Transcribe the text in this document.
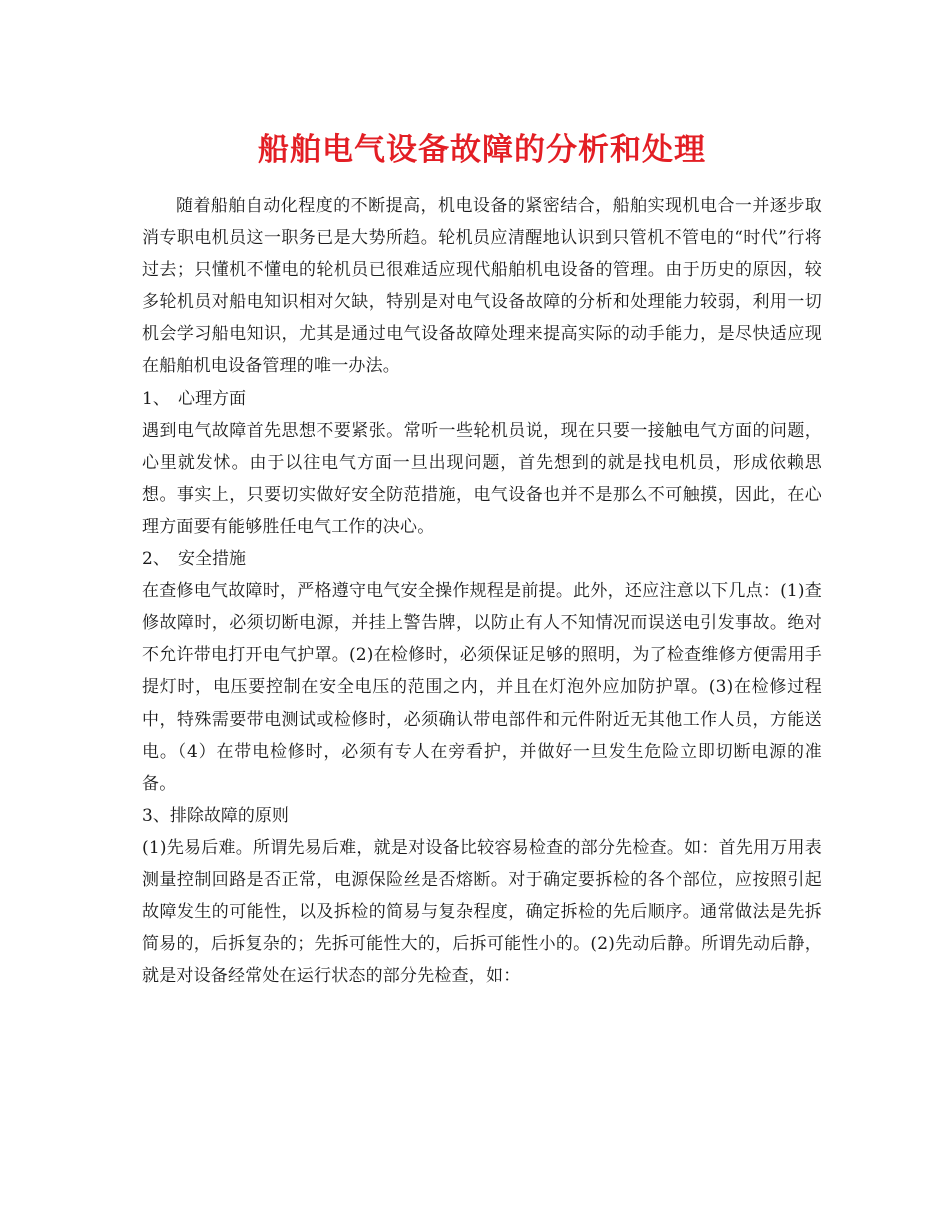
船舶电气设备故障的分析和处理

随着船舶自动化程度的不断提高，机电设备的紧密结合，船舶实现机电合一并逐步取消专职电机员这一职务已是大势所趋。轮机员应清醒地认识到只管机不管电的“时代”行将过去；只懂机不懂电的轮机员已很难适应现代船舶机电设备的管理。由于历史的原因，较多轮机员对船电知识相对欠缺，特别是对电气设备故障的分析和处理能力较弱，利用一切机会学习船电知识，尤其是通过电气设备故障处理来提高实际的动手能力，是尽快适应现在船舶机电设备管理的唯一办法。

1、 心理方面

遇到电气故障首先思想不要紧张。常听一些轮机员说，现在只要一接触电气方面的问题，心里就发怵。由于以往电气方面一旦出现问题，首先想到的就是找电机员，形成依赖思想。事实上，只要切实做好安全防范措施，电气设备也并不是那么不可触摸，因此，在心理方面要有能够胜任电气工作的决心。

2、 安全措施

在查修电气故障时，严格遵守电气安全操作规程是前提。此外，还应注意以下几点：(1)查修故障时，必须切断电源，并挂上警告牌，以防止有人不知情况而误送电引发事故。绝对不允许带电打开电气护罩。(2)在检修时，必须保证足够的照明，为了检查维修方便需用手提灯时，电压要控制在安全电压的范围之内，并且在灯泡外应加防护罩。(3)在检修过程中，特殊需要带电测试或检修时，必须确认带电部件和元件附近无其他工作人员，方能送电。（4）在带电检修时，必须有专人在旁看护，并做好一旦发生危险立即切断电源的准备。

3、排除故障的原则

(1)先易后难。所谓先易后难，就是对设备比较容易检查的部分先检查。如：首先用万用表测量控制回路是否正常，电源保险丝是否熔断。对于确定要拆检的各个部位，应按照引起故障发生的可能性，以及拆检的简易与复杂程度，确定拆检的先后顺序。通常做法是先拆简易的，后拆复杂的；先拆可能性大的，后拆可能性小的。(2)先动后静。所谓先动后静，就是对设备经常处在运行状态的部分先检查，如：
